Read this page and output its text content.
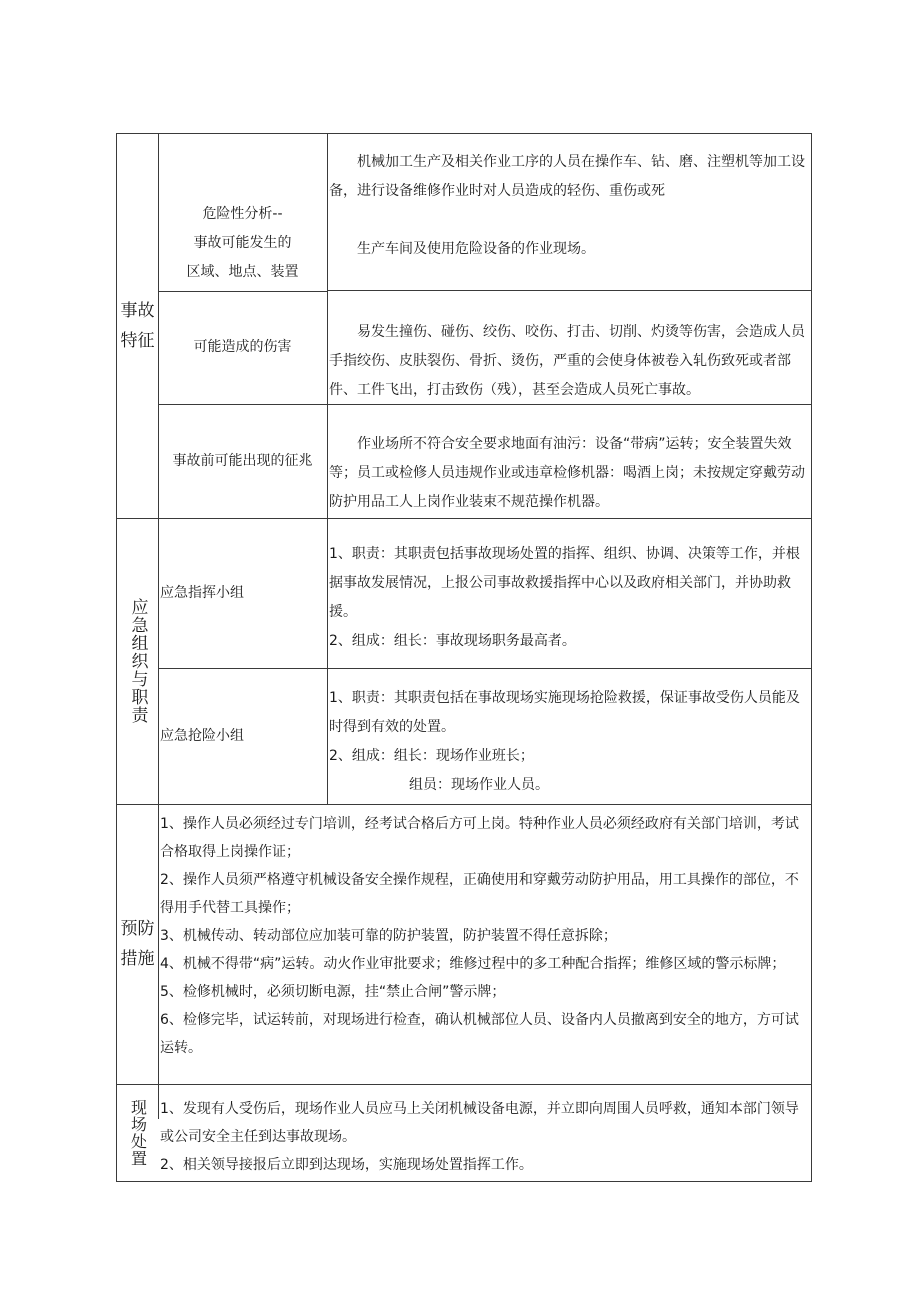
事故

特征

危险性分析--

事故可能发生的

区域、地点、装置

机械加工生产及相关作业工序的人员在操作车、钻、磨、注塑机等加工设备，进行设备维修作业时对人员造成的轻伤、重伤或死

生产车间及使用危险设备的作业现场。

可能造成的伤害

易发生撞伤、碰伤、绞伤、咬伤、打击、切削、灼烫等伤害，会造成人员手指绞伤、皮肤裂伤、骨折、烫伤，严重的会使身体被卷入轧伤致死或者部件、工件飞出，打击致伤（残），甚至会造成人员死亡事故。

事故前可能出现的征兆

作业场所不符合安全要求地面有油污：设备“带病”运转；安全装置失效等；员工或检修人员违规作业或违章检修机器：喝酒上岗；未按规定穿戴劳动防护用品工人上岗作业装束不规范操作机器。

应急组织与职责
应急指挥小组

1、职责：其职责包括事故现场处置的指挥、组织、协调、决策等工作，并根据事故发展情况，上报公司事故救援指挥中心以及政府相关部门，并协助救援。

2、组成：组长：事故现场职务最高者。

应急抢险小组

1、职责：其职责包括在事故现场实施现场抢险救援，保证事故受伤人员能及时得到有效的处置。

2、组成：组长：现场作业班长；

组员：现场作业人员。

预防

措施

1、操作人员必须经过专门培训，经考试合格后方可上岗。特种作业人员必须经政府有关部门培训，考试合格取得上岗操作证；

2、操作人员须严格遵守机械设备安全操作规程，正确使用和穿戴劳动防护用品，用工具操作的部位，不得用手代替工具操作；

3、机械传动、转动部位应加装可靠的防护装置，防护装置不得任意拆除；

4、机械不得带“病”运转。动火作业审批要求；维修过程中的多工种配合指挥；维修区域的警示标牌；

5、检修机械时，必须切断电源，挂“禁止合闸”警示牌；

6、检修完毕，试运转前，对现场进行检查，确认机械部位人员、设备内人员撤离到安全的地方，方可试运转。

现场处置 1、发现有人受伤后，现场作业人员应马上关闭机械设备电源，并立即向周围人员呼救，通知本部门领导或公司安全主任到达事故现场。

2、相关领导接报后立即到达现场，实施现场处置指挥工作。
